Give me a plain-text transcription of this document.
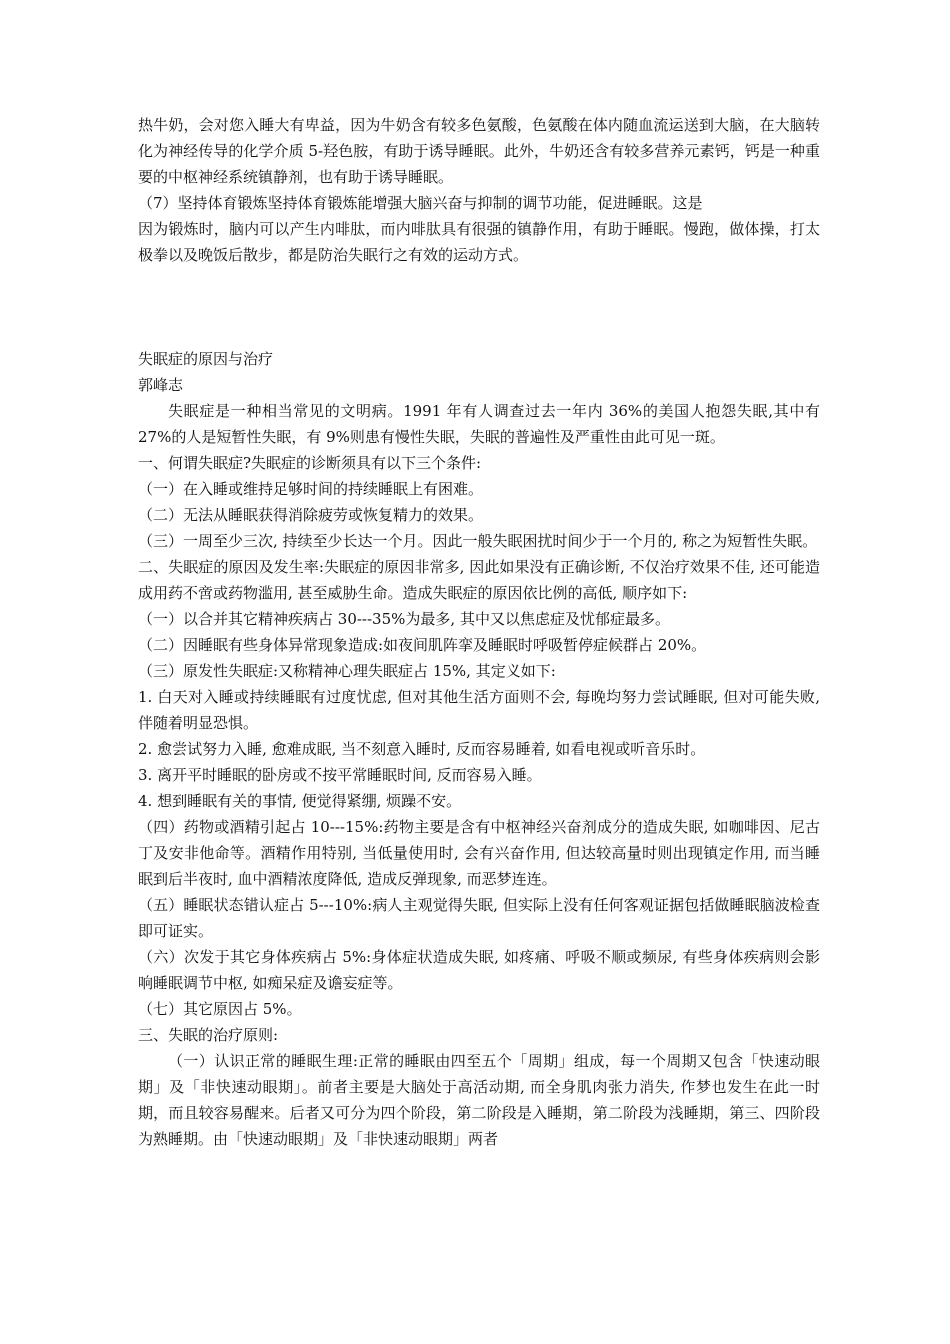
热牛奶，会对您入睡大有卑益，因为牛奶含有较多色氨酸，色氨酸在体内随血流运送到大脑，在大脑转化为神经传导的化学介质 5-羟色胺，有助于诱导睡眠。此外，牛奶还含有较多营养元素钙，钙是一种重要的中枢神经系统镇静剂，也有助于诱导睡眠。

（7）坚持体育锻炼坚持体育锻炼能增强大脑兴奋与抑制的调节功能，促进睡眠。这是

因为锻炼时，脑内可以产生内啡肽，而内啡肽具有很强的镇静作用，有助于睡眠。慢跑，做体操，打太极拳以及晚饭后散步，都是防治失眠行之有效的运动方式。

失眠症的原因与治疗

郭峰志

失眠症是一种相当常见的文明病。1991 年有人调查过去一年内 36%的美国人抱怨失眠,其中有 27%的人是短暂性失眠，有 9%则患有慢性失眠，失眠的普遍性及严重性由此可见一斑。

一、何谓失眠症?失眠症的诊断须具有以下三个条件:

（一）在入睡或维持足够时间的持续睡眠上有困难。

（二）无法从睡眠获得消除疲劳或恢复精力的效果。

（三）一周至少三次, 持续至少长达一个月。因此一般失眠困扰时间少于一个月的, 称之为短暂性失眠。

二、失眠症的原因及发生率:失眠症的原因非常多, 因此如果没有正确诊断, 不仅治疗效果不佳, 还可能造成用药不啻或药物滥用, 甚至威胁生命。造成失眠症的原因依比例的高低, 顺序如下:

（一）以合并其它精神疾病占 30---35%为最多, 其中又以焦虑症及忧郁症最多。

（二）因睡眠有些身体异常现象造成:如夜间肌阵挛及睡眠时呼吸暂停症候群占 20%。

（三）原发性失眠症:又称精神心理失眠症占 15%, 其定义如下:

1. 白天对入睡或持续睡眠有过度忧虑, 但对其他生活方面则不会, 每晚均努力尝试睡眠, 但对可能失败, 伴随着明显恐惧。

2. 愈尝试努力入睡, 愈难成眠, 当不刻意入睡时, 反而容易睡着, 如看电视或听音乐时。

3. 离开平时睡眠的卧房或不按平常睡眠时间, 反而容易入睡。

4. 想到睡眠有关的事情, 便觉得紧绷, 烦躁不安。

（四）药物或酒精引起占 10---15%:药物主要是含有中枢神经兴奋剂成分的造成失眠, 如咖啡因、尼古丁及安非他命等。酒精作用特别, 当低量使用时, 会有兴奋作用, 但达较高量时则出现镇定作用, 而当睡眠到后半夜时, 血中酒精浓度降低, 造成反弹现象, 而恶梦连连。

（五）睡眠状态错认症占 5---10%:病人主观觉得失眠, 但实际上没有任何客观证据包括做睡眠脑波检查即可证实。

（六）次发于其它身体疾病占 5%:身体症状造成失眠, 如疼痛、呼吸不顺或频尿, 有些身体疾病则会影响睡眠调节中枢, 如痴呆症及谵妄症等。

（七）其它原因占 5%。

三、失眠的治疗原则:

（一）认识正常的睡眠生理:正常的睡眠由四至五个「周期」组成，每一个周期又包含「快速动眼期」及「非快速动眼期」。前者主要是大脑处于高活动期, 而全身肌肉张力消失, 作梦也发生在此一时期，而且较容易醒来。后者又可分为四个阶段，第二阶段是入睡期，第二阶段为浅睡期，第三、四阶段为熟睡期。由「快速动眼期」及「非快速动眼期」两者
